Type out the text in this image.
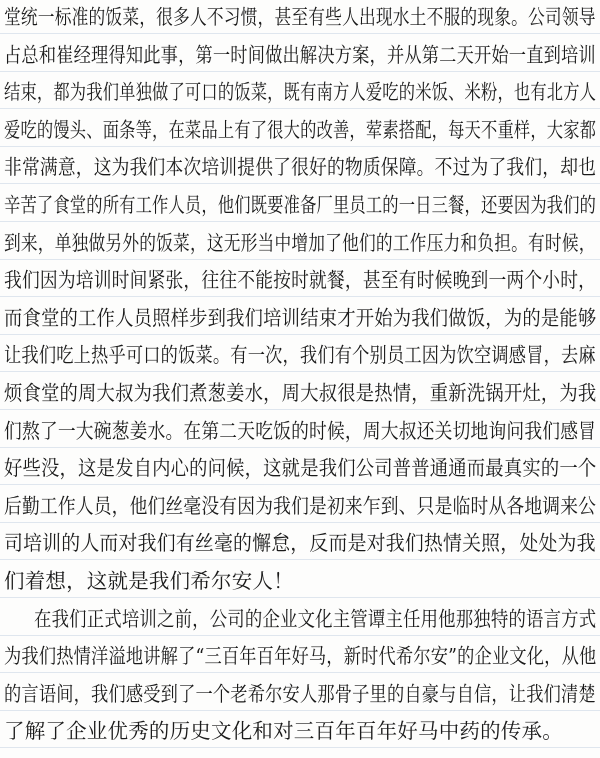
堂统一标准的饭菜，很多人不习惯，甚至有些人出现水土不服的现象。公司领导
占总和崔经理得知此事，第一时间做出解决方案，并从第二天开始一直到培训
结束，都为我们单独做了可口的饭菜，既有南方人爱吃的米饭、米粉，也有北方人
爱吃的馒头、面条等，在菜品上有了很大的改善，荤素搭配，每天不重样，大家都
非常满意，这为我们本次培训提供了很好的物质保障。不过为了我们，却也
辛苦了食堂的所有工作人员，他们既要准备厂里员工的一日三餐，还要因为我们的
到来，单独做另外的饭菜，这无形当中增加了他们的工作压力和负担。有时候，
我们因为培训时间紧张，往往不能按时就餐，甚至有时候晚到一两个小时，
而食堂的工作人员照样步到我们培训结束才开始为我们做饭，为的是能够
让我们吃上热乎可口的饭菜。有一次，我们有个别员工因为饮空调感冒，去麻
烦食堂的周大叔为我们煮葱姜水，周大叔很是热情，重新洗锅开灶，为我
们熬了一大碗葱姜水。在第二天吃饭的时候，周大叔还关切地询问我们感冒
好些没，这是发自内心的问候，这就是我们公司普普通通而最真实的一个
后勤工作人员，他们丝毫没有因为我们是初来乍到、只是临时从各地调来公
司培训的人而对我们有丝毫的懈怠，反而是对我们热情关照，处处为我
们着想，这就是我们希尔安人！
在我们正式培训之前，公司的企业文化主管谭主任用他那独特的语言方式
为我们热情洋溢地讲解了“三百年百年好马，新时代希尔安”的企业文化，从他
的言语间，我们感受到了一个老希尔安人那骨子里的自豪与自信，让我们清楚
了解了企业优秀的历史文化和对三百年百年好马中药的传承。
